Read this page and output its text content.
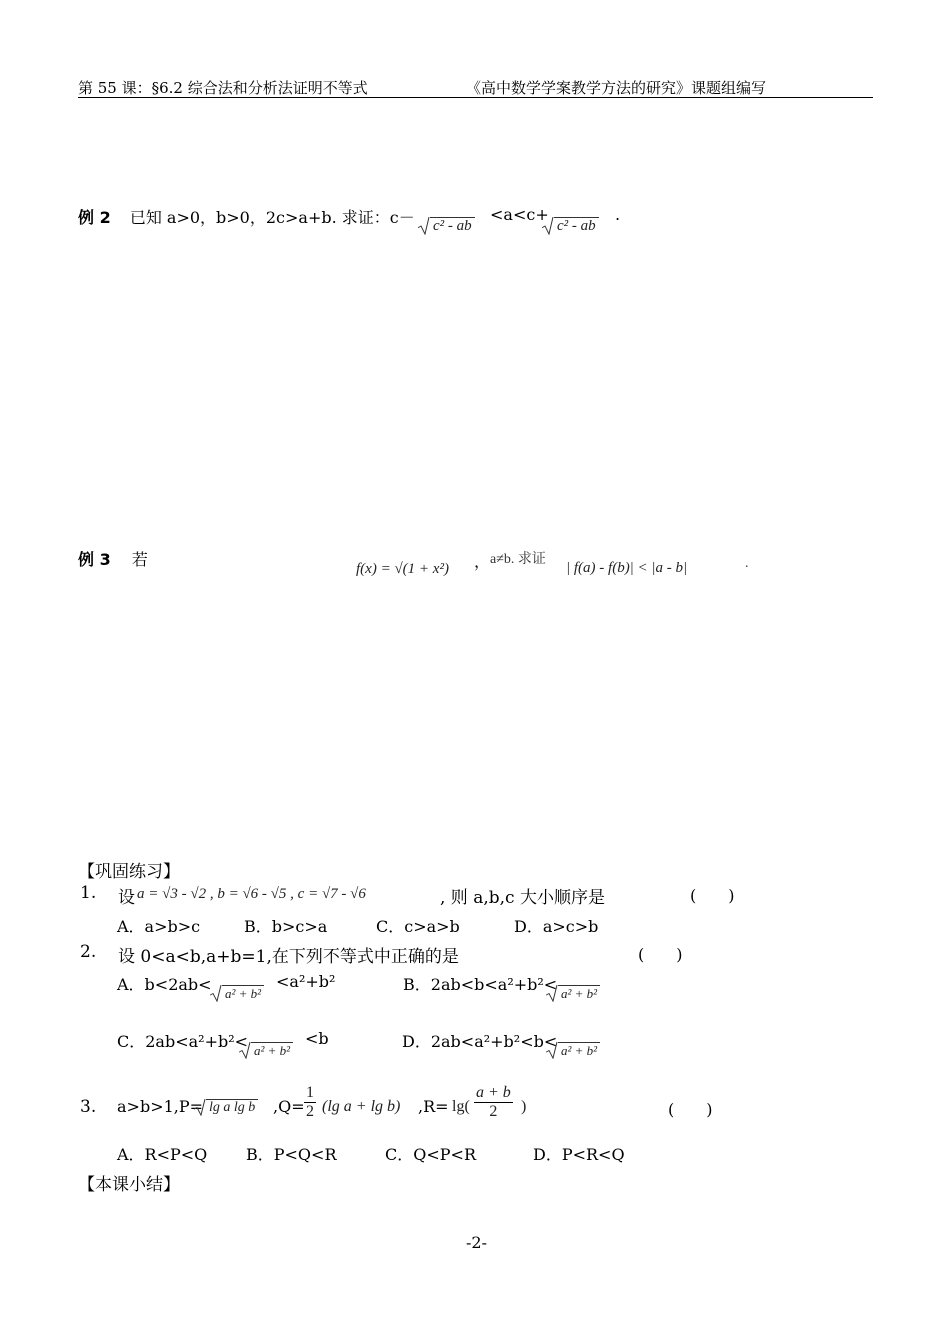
第 55 课：§6.2 综合法和分析法证明不等式	《高中数学学案教学方法的研究》课题组编写
例 2 已知 a>0，b>0，2c>a+b. 求证：c－	c² - ab
<a<c+
c² - ab
.
例 3 若	f(x) = √(1 + x²) ， a≠b. 求证
| f(a) - f(b)| < |a - b|	.
【巩固练习】
1. 设 a = √3 - √2 , b = √6 - √5 , c = √7 - √6	, 则 a,b,c 大小顺序是	(　　)
A．a>b>c	B．b>c>a	C．c>a>b	D．a>c>b
2. 设 0<a<b,a+b=1,在下列不等式中正确的是	(　　)
A．b<2ab<	a² + b²
<a²+b²	B．2ab<b<a²+b²< a² + b²
C．2ab<a²+b²< a² + b²
<b	D．2ab<a²+b²<b< a² + b²
3. a>b>1,P= lg a lg b $,Q= \frac{1}{2} (\lg$ a + lg b) $,R= \lg( \frac{a + b}{2}$ )	(　　)
A．R<P<Q B．P<Q<R	C．Q<P<R	D．P<R<Q
【本课小结】
-2-
